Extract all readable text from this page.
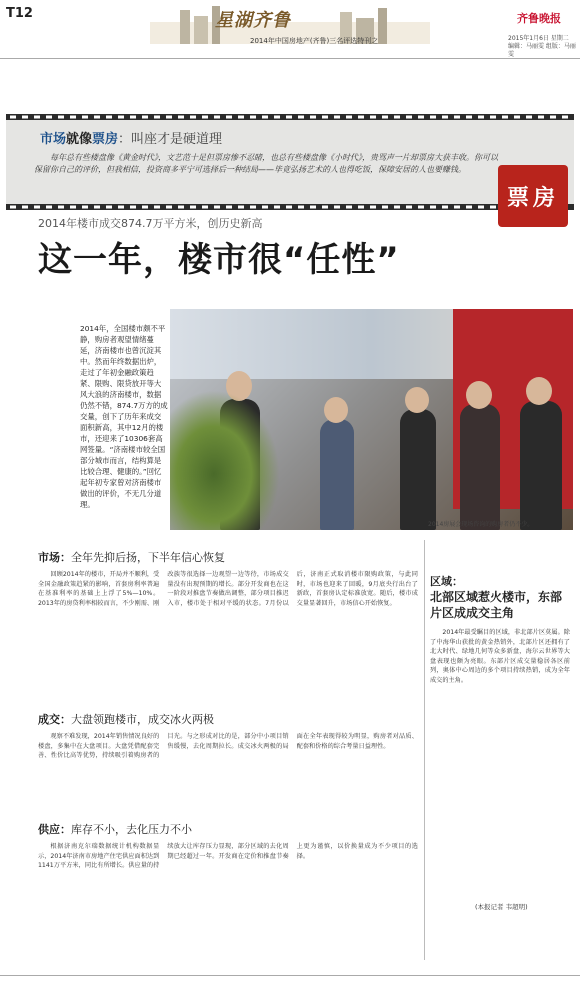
T12	星湖齐鲁
2014年中国房地产(齐鲁)三名评选特刊之
齐鲁晚报
2015年1月6日 星期二
编辑：马丽雯 组版：马丽雯
市场就像票房：叫座才是硬道理
每年总有些楼盘像《黄金时代》，文艺范十足但票房惨不忍睹，也总有些楼盘像《小时代》，贵骂声一片却票房大获丰收。你可以保留你自己的评价，但我相信，投资商多平宁可选择后一种结局——毕竟弘扬艺术的人也得吃饭，保障安居的人也要赚钱。
票房
2014年楼市成交874.7万平方米，创历史新高
这一年，楼市很“任性”
2014年，全国楼市颇不平静，购房者观望情绪蔓延，济南楼市也曾沉淀其中。然而年终数据出炉，走过了年初金融政策趋紧、限购、限贷放开等大风大浪的济南楼市，数据仍然不错，874.7万方的成交量，创下了历年来成交面积新高，其中12月的楼市，还迎来了10306套高网签量。“济南楼市较全国部分城市而言，结构算是比较合理、健康的。”回忆起年初专家曾对济南楼市做出的评价，不无几分道理。
2014房展会现场咨询的购房者仍不少。
市场： 全年先抑后扬，下半年信心恢复
回顾2014年的楼市，开局并不顺利，受全国金融政策趋紧的影响，首套房利率普遍在基准利率的基础上上浮了5%—10%。2013年的房贷利率相较而言，不少刚需、刚改族等很选择一边观望一边等待，市场成交量没有出现预期的增长。部分开发商也在这一阶段对推盘节奏做出调整，部分项目推迟入市，楼市处于相对平缓的状态。7月份以后，济南正式取消楼市限购政策，与此同时，市场也迎来了回暖，9月底央行出台了新政，首套房认定标准放宽。随后，楼市成交量显著回升，市场信心开始恢复。
成交： 大盘领跑楼市，成交冰火两极
观察不难发现，2014年销售情况良好的楼盘，多集中在大盘项目。大盘凭借配套完善、性价比高等优势，持续吸引着购房者的目光。与之形成对比的是，部分中小项目销售缓慢，去化周期拉长。成交冰火两极的局面在全年表现得较为明显，购房者对品质、配套和价格的综合考量日益理性。
供应： 库存不小，去化压力不小
根据济南克尔瑞数据统计机构数据显示，2014年济南市房地产住宅供应面积达到1141万平方米，同比有所增长。供应量的持续放大让库存压力显现，部分区域的去化周期已经超过一年。开发商在定价和推盘节奏上更为谨慎，以价换量成为不少项目的选择。
区域：
北部区域惹火楼市，东部片区成成交主角
2014年最受瞩目的区域，非北部片区莫属。除了中海华山获批的黄金热销外，北部片区还拥有了北大时代、绿地几何等众多新盘，海尔云世界等大盘表现也颇为亮眼。东部片区成交量稳居各区前列，奥体中心周边的多个项目持续热销，成为全年成交的主角。
(本报记者 韦超明)
